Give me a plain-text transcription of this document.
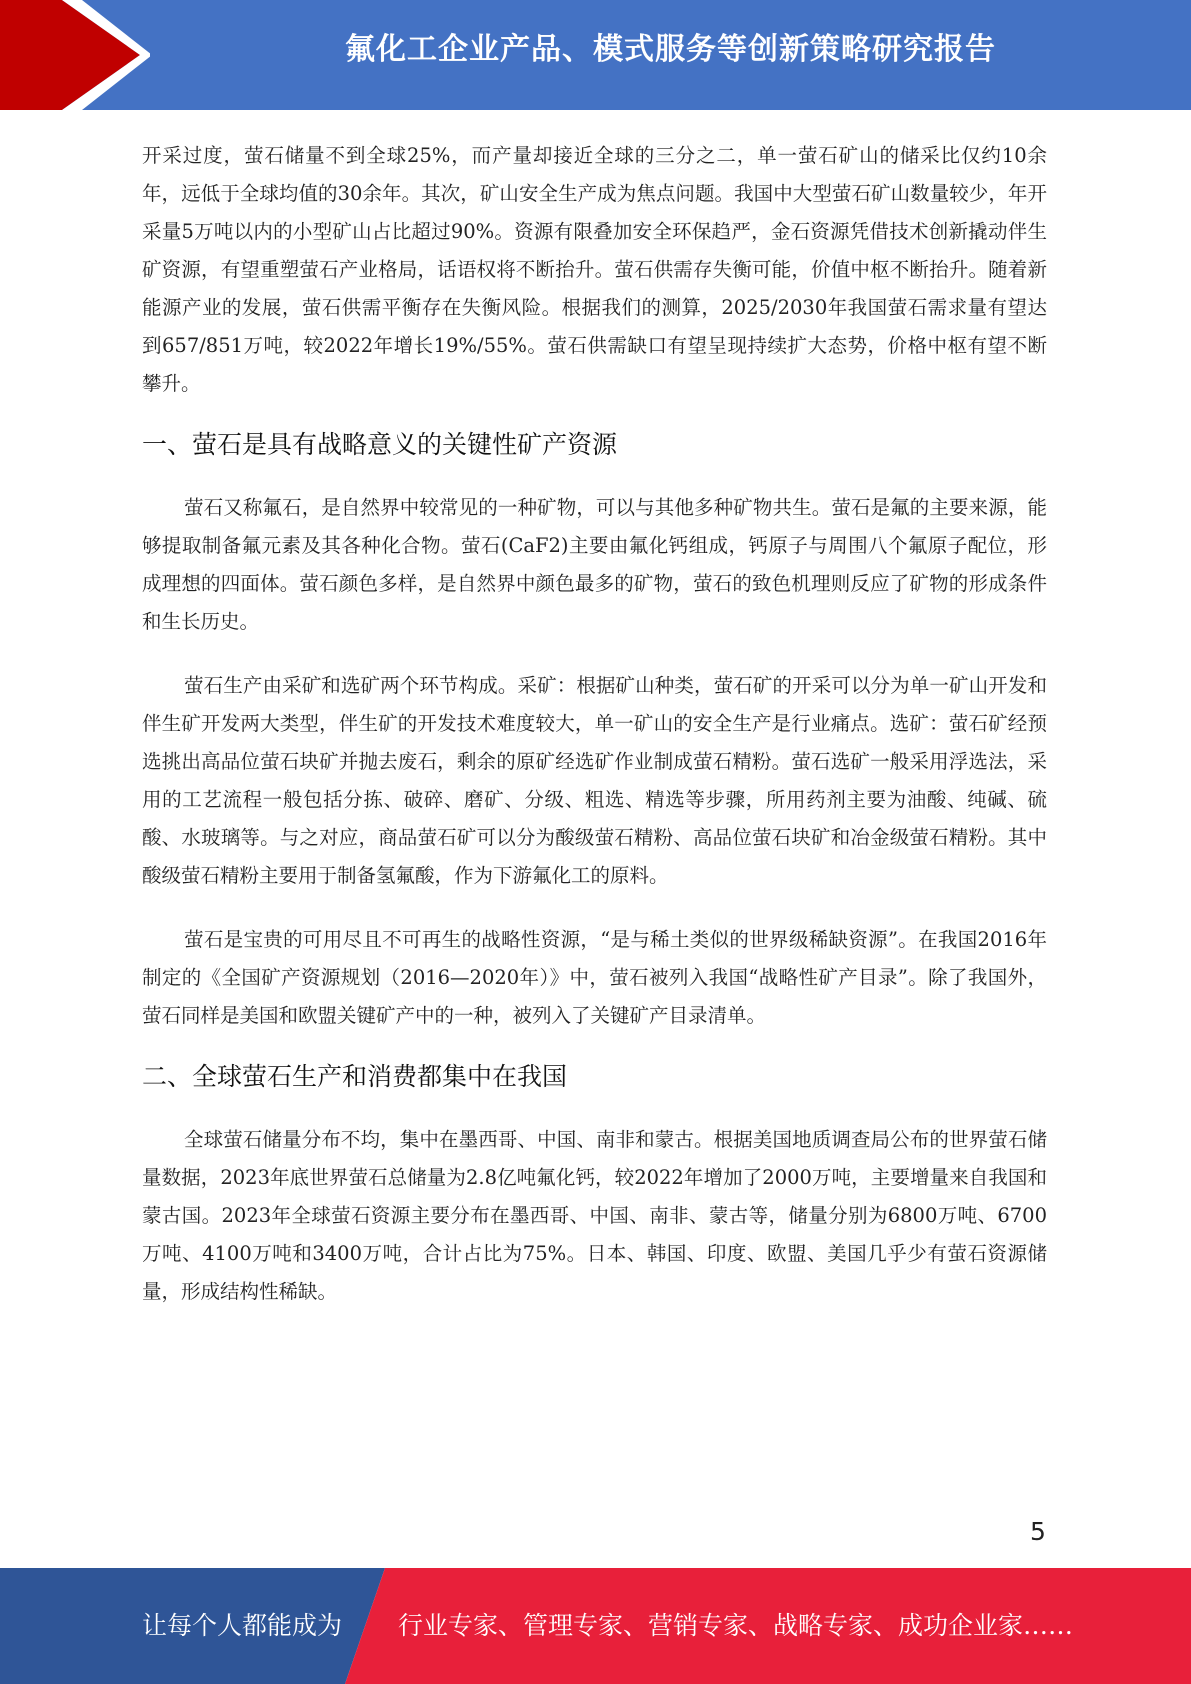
氟化工企业产品、模式服务等创新策略研究报告

开采过度，萤石储量不到全球25%，而产量却接近全球的三分之二，单一萤石矿山的储采比仅约10余年，远低于全球均值的30余年。其次，矿山安全生产成为焦点问题。我国中大型萤石矿山数量较少，年开采量5万吨以内的小型矿山占比超过90%。资源有限叠加安全环保趋严，金石资源凭借技术创新撬动伴生矿资源，有望重塑萤石产业格局，话语权将不断抬升。萤石供需存失衡可能，价值中枢不断抬升。随着新能源产业的发展，萤石供需平衡存在失衡风险。根据我们的测算，2025/2030年我国萤石需求量有望达到657/851万吨，较2022年增长19%/55%。萤石供需缺口有望呈现持续扩大态势，价格中枢有望不断攀升。

一、萤石是具有战略意义的关键性矿产资源

萤石又称氟石，是自然界中较常见的一种矿物，可以与其他多种矿物共生。萤石是氟的主要来源，能够提取制备氟元素及其各种化合物。萤石(CaF2)主要由氟化钙组成，钙原子与周围八个氟原子配位，形成理想的四面体。萤石颜色多样，是自然界中颜色最多的矿物，萤石的致色机理则反应了矿物的形成条件和生长历史。

萤石生产由采矿和选矿两个环节构成。采矿：根据矿山种类，萤石矿的开采可以分为单一矿山开发和伴生矿开发两大类型，伴生矿的开发技术难度较大，单一矿山的安全生产是行业痛点。选矿：萤石矿经预选挑出高品位萤石块矿并抛去废石，剩余的原矿经选矿作业制成萤石精粉。萤石选矿一般采用浮选法，采用的工艺流程一般包括分拣、破碎、磨矿、分级、粗选、精选等步骤，所用药剂主要为油酸、纯碱、硫酸、水玻璃等。与之对应，商品萤石矿可以分为酸级萤石精粉、高品位萤石块矿和冶金级萤石精粉。其中酸级萤石精粉主要用于制备氢氟酸，作为下游氟化工的原料。

萤石是宝贵的可用尽且不可再生的战略性资源，“是与稀土类似的世界级稀缺资源”。在我国2016年制定的《全国矿产资源规划（2016—2020年）》中，萤石被列入我国“战略性矿产目录”。除了我国外，萤石同样是美国和欧盟关键矿产中的一种，被列入了关键矿产目录清单。

二、全球萤石生产和消费都集中在我国

全球萤石储量分布不均，集中在墨西哥、中国、南非和蒙古。根据美国地质调查局公布的世界萤石储量数据，2023年底世界萤石总储量为2.8亿吨氟化钙，较2022年增加了2000万吨，主要增量来自我国和蒙古国。2023年全球萤石资源主要分布在墨西哥、中国、南非、蒙古等，储量分别为6800万吨、6700万吨、4100万吨和3400万吨，合计占比为75%。日本、韩国、印度、欧盟、美国几乎少有萤石资源储量，形成结构性稀缺。

5
让每个人都能成为 行业专家、管理专家、营销专家、战略专家、成功企业家……
